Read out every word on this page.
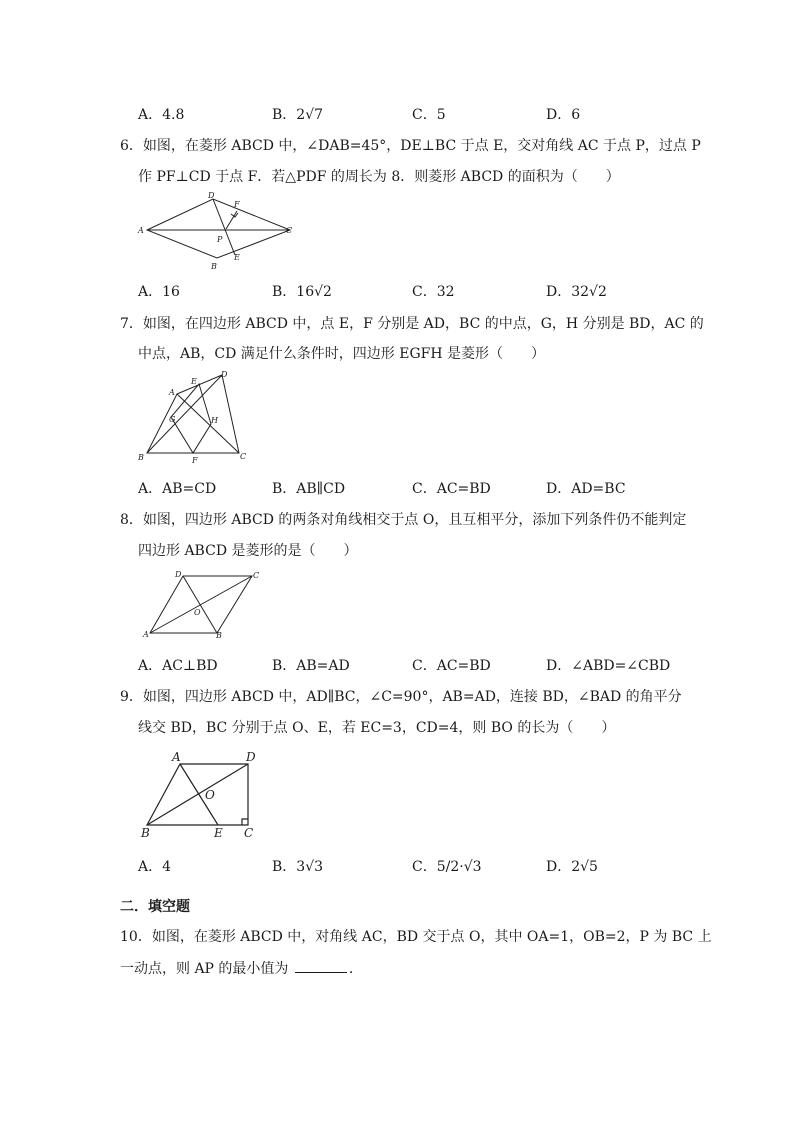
A．4.8	B．2√7	C．5	D．6
6．如图，在菱形 ABCD 中，∠DAB=45°，DE⊥BC 于点 E，交对角线 AC 于点 P，过点 P
作 PF⊥CD 于点 F．若△PDF 的周长为 8．则菱形 ABCD 的面积为（　　）
A
D
F
P
B
E
C
A．16	B．16√2	C．32	D．32√2
7．如图，在四边形 ABCD 中，点 E，F 分别是 AD，BC 的中点，G，H 分别是 BD，AC 的
中点，AB，CD 满足什么条件时，四边形 EGFH 是菱形（　　）
A
E
D
G	H
B	F	C
A．AB=CD	B．AB∥CD	C．AC=BD	D．AD=BC
8．如图，四边形 ABCD 的两条对角线相交于点 O，且互相平分，添加下列条件仍不能判定
四边形 ABCD 是菱形的是（　　）
D	C
O
A	B
A．AC⊥BD	B．AB=AD	C．AC=BD	D．∠ABD=∠CBD
9．如图，四边形 ABCD 中，AD∥BC，∠C=90°，AB=AD，连接 BD，∠BAD 的角平分
线交 BD，BC 分别于点 O、E，若 EC=3，CD=4，则 BO 的长为（　　）
A	D
O
B	E C
A．4	B．3√3	C．5/2·√3	D．2√5
二．填空题
10．如图，在菱形 ABCD 中，对角线 AC，BD 交于点 O，其中 OA=1，OB=2，P 为 BC 上
一动点，则 AP 的最小值为	．
